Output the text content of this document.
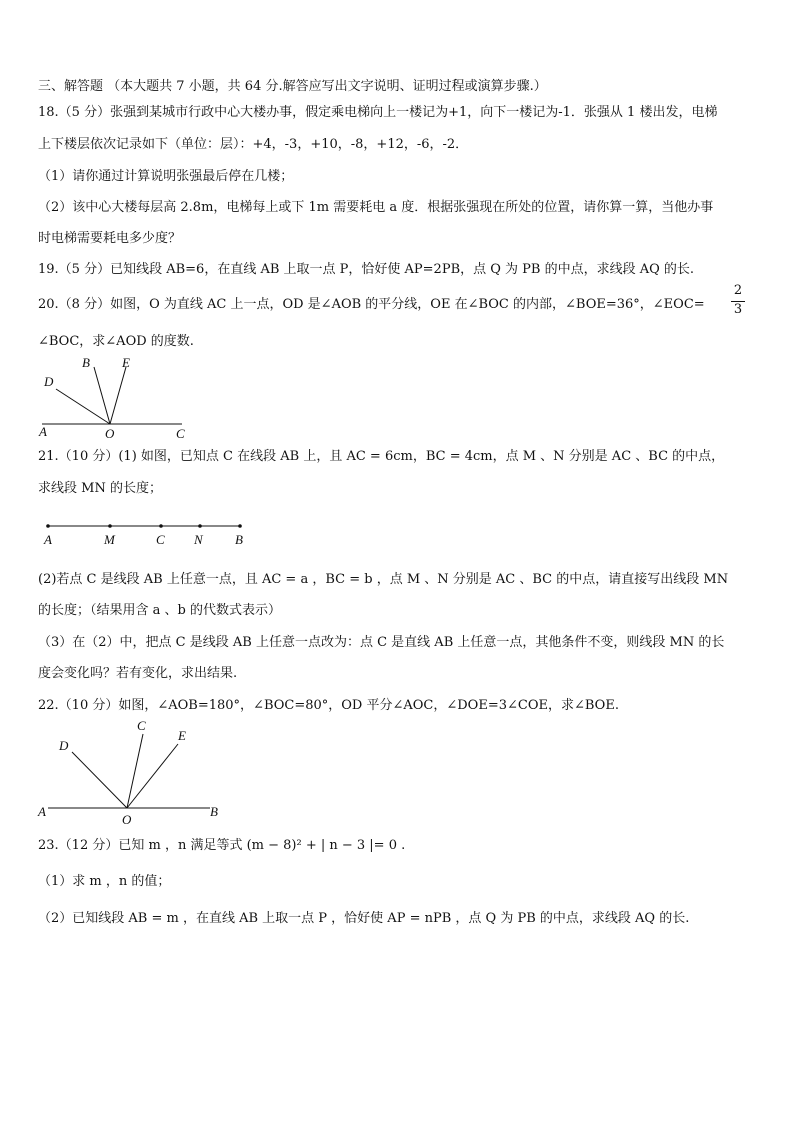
三、解答题 （本大题共 7 小题，共 64 分.解答应写出文字说明、证明过程或演算步骤.）
18.（5 分）张强到某城市行政中心大楼办事，假定乘电梯向上一楼记为+1，向下一楼记为-1．张强从 1 楼出发，电梯
上下楼层依次记录如下（单位：层）：+4，-3，+10，-8，+12，-6，-2．
（1）请你通过计算说明张强最后停在几楼；
（2）该中心大楼每层高 2.8m，电梯每上或下 1m 需要耗电 a 度．根据张强现在所处的位置，请你算一算，当他办事
时电梯需要耗电多少度？
19.（5 分）已知线段 AB=6，在直线 AB 上取一点 P，恰好使 AP=2PB，点 Q 为 PB 的中点，求线段 AQ 的长.
20.（8 分）如图，O 为直线 AC 上一点，OD 是∠AOB 的平分线，OE 在∠BOC 的内部，∠BOE=36°，∠EOC=
2
3
∠BOC，求∠AOD 的度数.
A	O	C
D
B E
21.（10 分）(1) 如图，已知点 C 在线段 AB 上，且 AC = 6cm，BC = 4cm，点 M 、N 分别是 AC 、BC 的中点，
求线段 MN 的长度；
A	M	C N B
(2)若点 C 是线段 AB 上任意一点，且 AC = a ，BC = b ，点 M 、N 分别是 AC 、BC 的中点，请直接写出线段 MN
的长度；（结果用含 a 、b 的代数式表示）
（3）在（2）中，把点 C 是线段 AB 上任意一点改为：点 C 是直线 AB 上任意一点，其他条件不变，则线段 MN 的长
度会变化吗？若有变化，求出结果.
22.（10 分）如图，∠AOB=180°，∠BOC=80°，OD 平分∠AOC，∠DOE=3∠COE，求∠BOE.
A
O
B
D
C
E
23.（12 分）已知 m ，n 满足等式 (m − 8)² + | n − 3 |= 0 .
（1）求 m ，n 的值；
（2）已知线段 AB = m ，在直线 AB 上取一点 P ，恰好使 AP = nPB ，点 Q 为 PB 的中点，求线段 AQ 的长.
